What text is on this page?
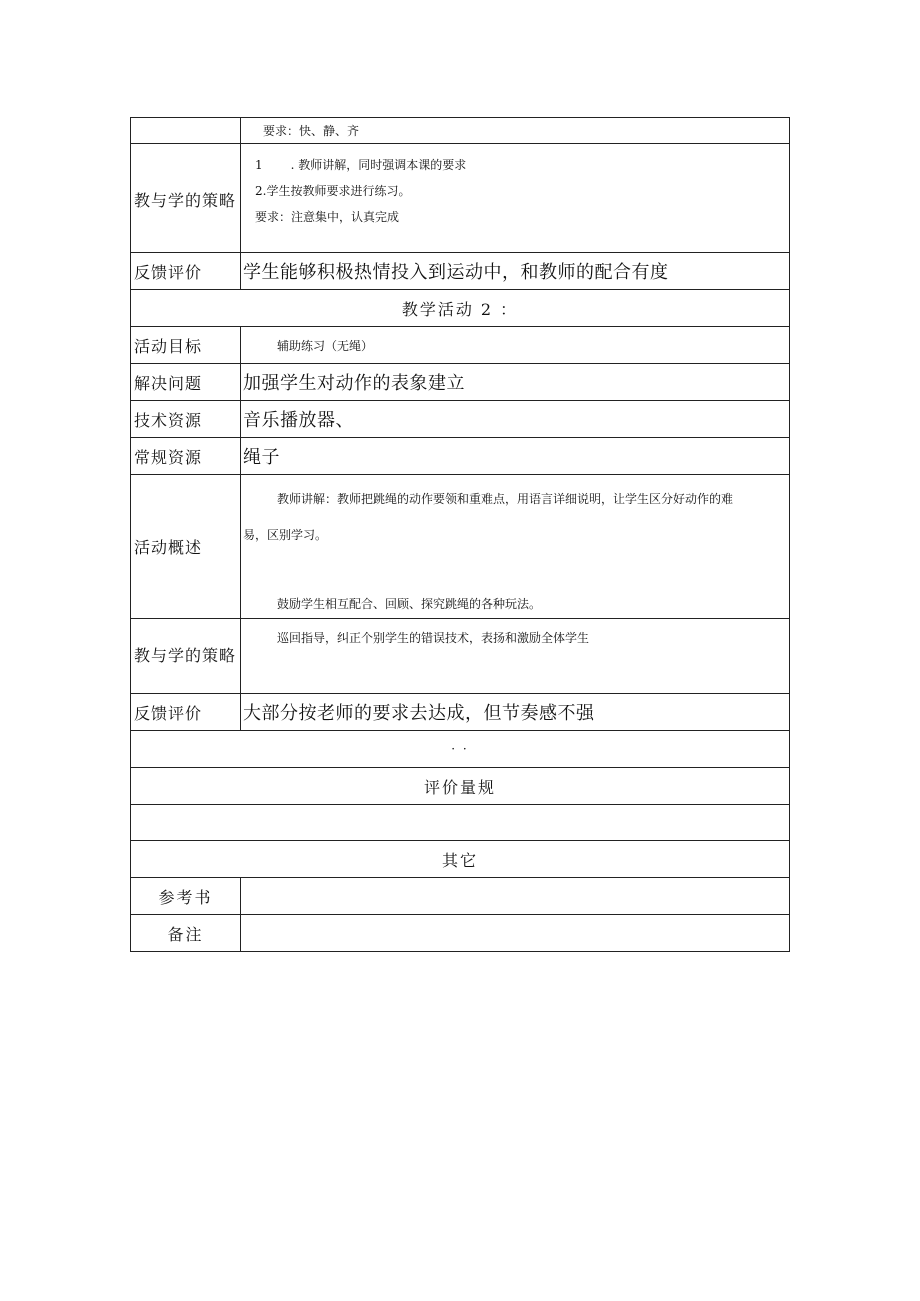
	要求：快、静、齐
教与学的策略	1 . 教师讲解，同时强调本课的要求
2.学生按教师要求进行练习。
要求：注意集中，认真完成

反馈评价	学生能够积极热情投入到运动中，和教师的配合有度
教学活动 2 ：	
活动目标	辅助练习（无绳）
解决问题	加强学生对动作的表象建立
技术资源	音乐播放器、
常规资源	绳子
活动概述	教师讲解：教师把跳绳的动作要领和重难点，用语言详细说明，让学生区分好动作的难
易，区别学习。
鼓励学生相互配合、回顾、探究跳绳的各种玩法。

教与学的策略	巡回指导，纠正个别学生的错误技术，表扬和激励全体学生
反馈评价	大部分按老师的要求去达成，但节奏感不强
· ·	
评价量规	

其它	
参考书	
备注	
